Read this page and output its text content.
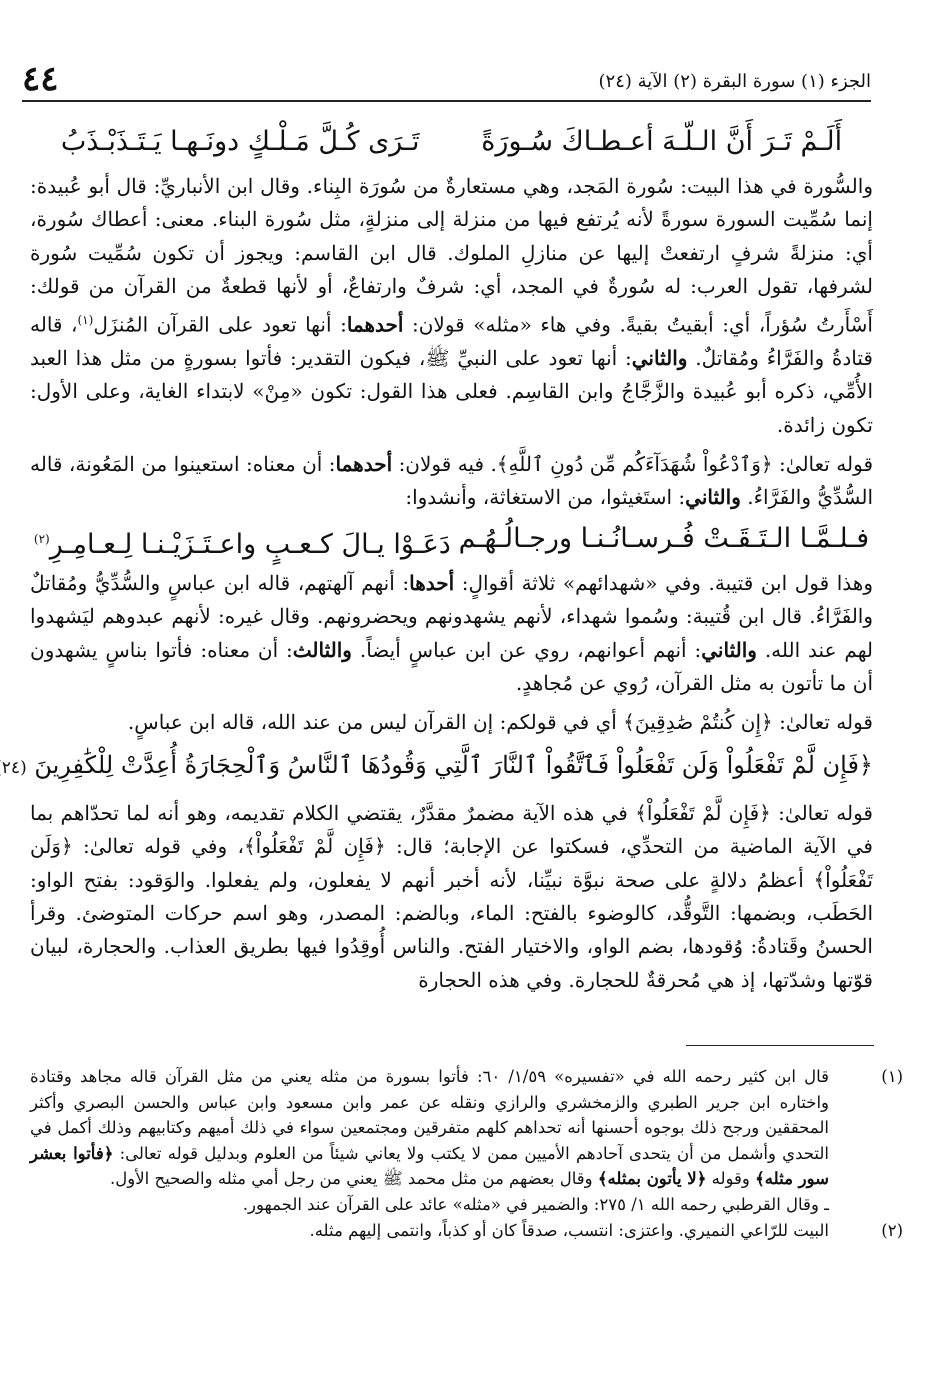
الجزء (١) سورة البقرة (٢) الآية (٢٤)
٤٤
أَلَـمْ تَـرَ أَنَّ الـلّـهَ أعـطـاكَ سُـورَةً
تَـرَى كُـلَّ مَـلْـكٍ دونَـهـا يَـتَـذَبْـذَبُ

والسُّورة في هذا البيت: سُورة المَجد، وهي مستعارةٌ من سُورَة البِناء. وقال ابن الأنباريِّ: قال أبو عُبيدة: إنما سُمِّيت السورة سورةً لأنه يُرتفع فيها من منزلة إلى منزلةٍ، مثل سُورة البناء. معنى: أعطاك سُورة، أي: منزلةً شرفٍ ارتفعتْ إليها عن منازلِ الملوك. قال ابن القاسم: ويجوز أن تكون سُمِّيت سُورة لشرفها، تقول العرب: له سُورةٌ في المجد، أي: شرفٌ وارتفاعٌ، أو لأنها قطعةٌ من القرآن من قولك: أَسْأَرتُ سُؤراً، أي: أبقيتُ بقيةً. وفي هاء «مثله» قولان: أحدهما: أنها تعود على القرآن المُنزَل$^{(١)}$، قاله قتادةُ والفَرَّاءُ ومُقاتلٌ. والثاني: أنها تعود على النبيِّ ﷺ، فيكون التقدير: فأتوا بسورةٍ من مثل هذا العبد الأُمِّي، ذكره أبو عُبيدة والزَّجَّاجُ وابن القاسِم. فعلى هذا القول: تكون «مِنْ» لابتداء الغاية، وعلى الأول: تكون زائدة.

قوله تعالىٰ: ﴿وَٱدْعُواْ شُهَدَآءَكُم مِّن دُونِ ٱللَّهِ﴾. فيه قولان: أحدهما: أن معناه: استعينوا من المَعُونة، قاله السُّدِّيُّ والفَرَّاءُ. والثاني: استَغيثوا، من الاستغاثة، وأنشدوا:

فـلـمَّـا الـتَـقَـتْ فُـرسـانُـنـا ورجـالُـهُـم
دَعَـوْا يـالَ كـعـبٍ واعـتَـزَيْـنـا لِـعـامِـرِ$^{(٢)}$

وهذا قول ابن قتيبة. وفي «شهدائهم» ثلاثة أقوالٍ: أحدها: أنهم آلهتهم، قاله ابن عباسٍ والسُّدِّيُّ ومُقاتلٌ والفَرَّاءُ. قال ابن قُتيبة: وسُموا شهداء، لأنهم يشهدونهم ويحضرونهم. وقال غيره: لأنهم عبدوهم ليَشهدوا لهم عند الله. والثاني: أنهم أعوانهم، روي عن ابن عباسٍ أيضاً. والثالث: أن معناه: فأتوا بناسٍ يشهدون أن ما تأتون به مثل القرآن، رُوي عن مُجاهدٍ.

قوله تعالىٰ: ﴿إِن كُنتُمْ صَٰدِقِينَ﴾ أي في قولكم: إن القرآن ليس من عند الله، قاله ابن عباسٍ.

﴿فَإِن لَّمْ تَفْعَلُواْ وَلَن تَفْعَلُواْ فَٱتَّقُواْ ٱلنَّارَ ٱلَّتِي وَقُودُهَا ٱلنَّاسُ وَٱلْحِجَارَةُ أُعِدَّتْ لِلْكَٰفِرِينَ (٢٤

قوله تعالىٰ: ﴿فَإِن لَّمْ تَفْعَلُواْ﴾ في هذه الآية مضمرٌ مقدَّرٌ، يقتضي الكلام تقديمه، وهو أنه لما تحدّاهم بما في الآية الماضية من التحدِّي، فسكتوا عن الإجابة؛ قال: ﴿فَإِن لَّمْ تَفْعَلُواْ﴾، وفي قوله تعالىٰ: ﴿وَلَن تَفْعَلُواْ﴾ أعظمُ دلالةٍ على صحة نبوَّة نبيِّنا، لأنه أخبر أنهم لا يفعلون، ولم يفعلوا. والوَقود: بفتح الواو: الحَطَب، وبضمها: التَّوقُّد، كالوضوء بالفتح: الماء، وبالضم: المصدر، وهو اسم حركات المتوضئ. وقرأ الحسنُ وقَتادةُ: وُقودها، بضم الواو، والاختيار الفتح. والناس أُوقِدُوا فيها بطريق العذاب. والحجارة، لبيان قوّتها وشدّتها، إذ هي مُحرقةٌ للحجارة. وفي هذه الحجارة

(١)
قال ابن كثير رحمه الله في «تفسيره» ١/٥٩/ ٦٠: فأتوا بسورة من مثله يعني من مثل القرآن قاله مجاهد وقتادة واختاره ابن جرير الطبري والزمخشري والرازي ونقله عن عمر وابن مسعود وابن عباس والحسن البصري وأكثر المحققين ورجح ذلك بوجوه أحسنها أنه تحداهم كلهم متفرقين ومجتمعين سواء في ذلك أميهم وكتابيهم وذلك أكمل في التحدي وأشمل من أن يتحدى آحادهم الأميين ممن لا يكتب ولا يعاني شيئاً من العلوم وبدليل قوله تعالى: ﴿فأتوا بعشر سور مثله﴾ وقوله ﴿لا يأتون بمثله﴾ وقال بعضهم من مثل محمد ﷺ يعني من رجل أمي مثله والصحيح الأول.
ـ وقال القرطبي رحمه الله ١/ ٢٧٥: والضمير في «مثله» عائد على القرآن عند الجمهور.
(٢)
البيت للرّاعي النميري. واعتزى: انتسب، صدقاً كان أو كذباً، وانتمى إليهم مثله.
